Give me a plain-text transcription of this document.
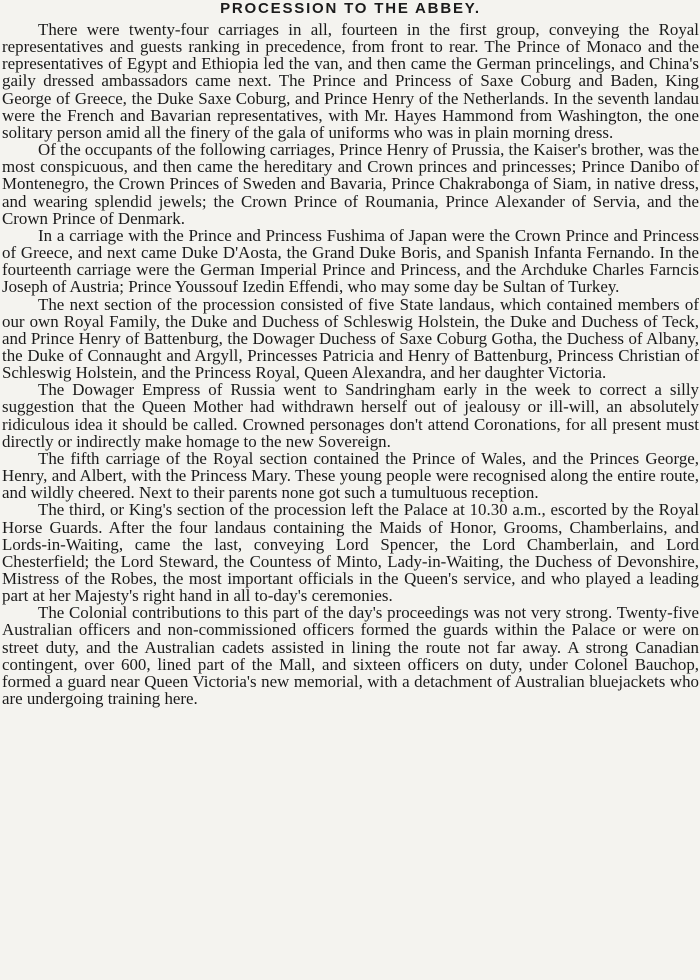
PROCESSION TO THE ABBEY.

There were twenty-four carriages in all, fourteen in the first group, conveying the Royal representatives and guests ranking in precedence, from front to rear. The Prince of Monaco and the representatives of Egypt and Ethiopia led the van, and then came the German princelings, and China's gaily dressed ambassadors came next. The Prince and Princess of Saxe Coburg and Baden, King George of Greece, the Duke Saxe Coburg, and Prince Henry of the Netherlands. In the seventh landau were the French and Bavarian representatives, with Mr. Hayes Hammond from Washington, the one solitary person amid all the finery of the gala of uniforms who was in plain morning dress.

Of the occupants of the following carriages, Prince Henry of Prussia, the Kaiser's brother, was the most conspicuous, and then came the hereditary and Crown princes and princesses; Prince Danibo of Montenegro, the Crown Princes of Sweden and Bavaria, Prince Chakrabonga of Siam, in native dress, and wearing splendid jewels; the Crown Prince of Roumania, Prince Alexander of Servia, and the Crown Prince of Denmark.

In a carriage with the Prince and Princess Fushima of Japan were the Crown Prince and Princess of Greece, and next came Duke D'Aosta, the Grand Duke Boris, and Spanish Infanta Fernando. In the fourteenth carriage were the German Imperial Prince and Princess, and the Archduke Charles Farncis Joseph of Austria; Prince Youssouf Izedin Effendi, who may some day be Sultan of Turkey.

The next section of the procession consisted of five State landaus, which contained members of our own Royal Family, the Duke and Duchess of Schleswig Holstein, the Duke and Duchess of Teck, and Prince Henry of Battenburg, the Dowager Duchess of Saxe Coburg Gotha, the Duchess of Albany, the Duke of Connaught and Argyll, Princesses Patricia and Henry of Battenburg, Princess Christian of Schleswig Holstein, and the Princess Royal, Queen Alexandra, and her daughter Victoria.

The Dowager Empress of Russia went to Sandringham early in the week to correct a silly suggestion that the Queen Mother had withdrawn herself out of jealousy or ill-will, an absolutely ridiculous idea it should be called. Crowned personages don't attend Coronations, for all present must directly or indirectly make homage to the new Sovereign.

The fifth carriage of the Royal section contained the Prince of Wales, and the Princes George, Henry, and Albert, with the Princess Mary. These young people were recognised along the entire route, and wildly cheered. Next to their parents none got such a tumultuous reception.

The third, or King's section of the procession left the Palace at 10.30 a.m., escorted by the Royal Horse Guards. After the four landaus containing the Maids of Honor, Grooms, Chamberlains, and Lords-in-Waiting, came the last, conveying Lord Spencer, the Lord Chamberlain, and Lord Chesterfield; the Lord Steward, the Countess of Minto, Lady-in-Waiting, the Duchess of Devonshire, Mistress of the Robes, the most important officials in the Queen's service, and who played a leading part at her Majesty's right hand in all to-day's ceremonies.

The Colonial contributions to this part of the day's proceedings was not very strong. Twenty-five Australian officers and non-commissioned officers formed the guards within the Palace or were on street duty, and the Australian cadets assisted in lining the route not far away. A strong Canadian contingent, over 600, lined part of the Mall, and sixteen officers on duty, under Colonel Bauchop, formed a guard near Queen Victoria's new memorial, with a detachment of Australian bluejackets who are undergoing training here.
